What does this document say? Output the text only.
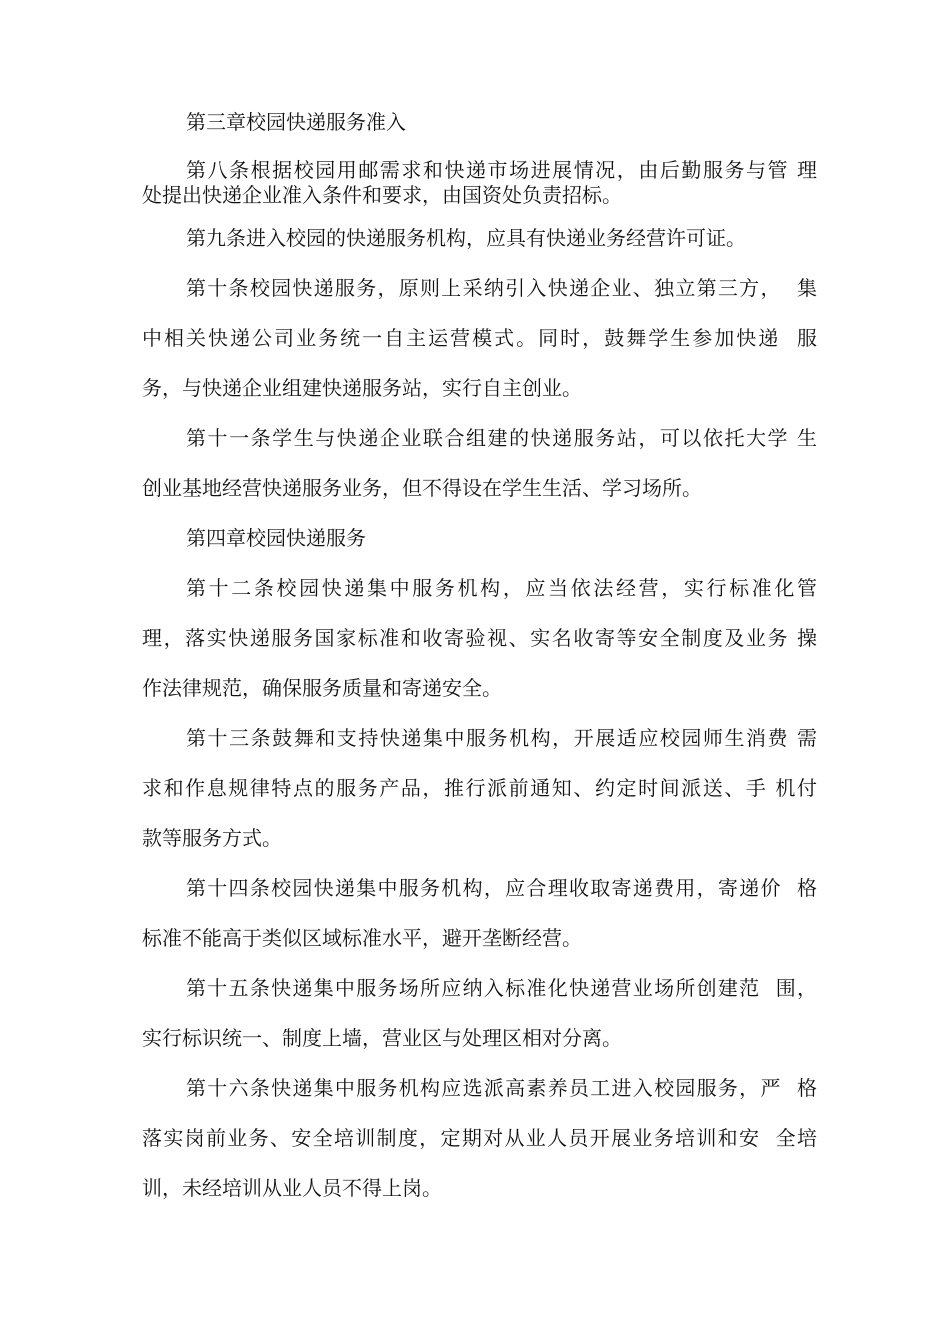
第三章校园快递服务准入
第八条根据校园用邮需求和快递市场进展情况，由后勤服务与管 理
处提出快递企业准入条件和要求，由国资处负责招标。
第九条进入校园的快递服务机构，应具有快递业务经营许可证。
第十条校园快递服务，原则上采纳引入快递企业、独立第三方，  集
中相关快递公司业务统一自主运营模式。同时，鼓舞学生参加快递  服
务，与快递企业组建快递服务站，实行自主创业。
第十一条学生与快递企业联合组建的快递服务站，可以依托大学 生
创业基地经营快递服务业务，但不得设在学生生活、学习场所。
第四章校园快递服务
第十二条校园快递集中服务机构，应当依法经营，实行标准化管
理，落实快递服务国家标准和收寄验视、实名收寄等安全制度及业务 操
作法律规范，确保服务质量和寄递安全。
第十三条鼓舞和支持快递集中服务机构，开展适应校园师生消费 需
求和作息规律特点的服务产品，推行派前通知、约定时间派送、手 机付
款等服务方式。
第十四条校园快递集中服务机构，应合理收取寄递费用，寄递价  格
标准不能高于类似区域标准水平，避开垄断经营。
第十五条快递集中服务场所应纳入标准化快递营业场所创建范  围，
实行标识统一、制度上墙，营业区与处理区相对分离。
第十六条快递集中服务机构应选派高素养员工进入校园服务，严  格
落实岗前业务、安全培训制度，定期对从业人员开展业务培训和安  全培
训，未经培训从业人员不得上岗。
